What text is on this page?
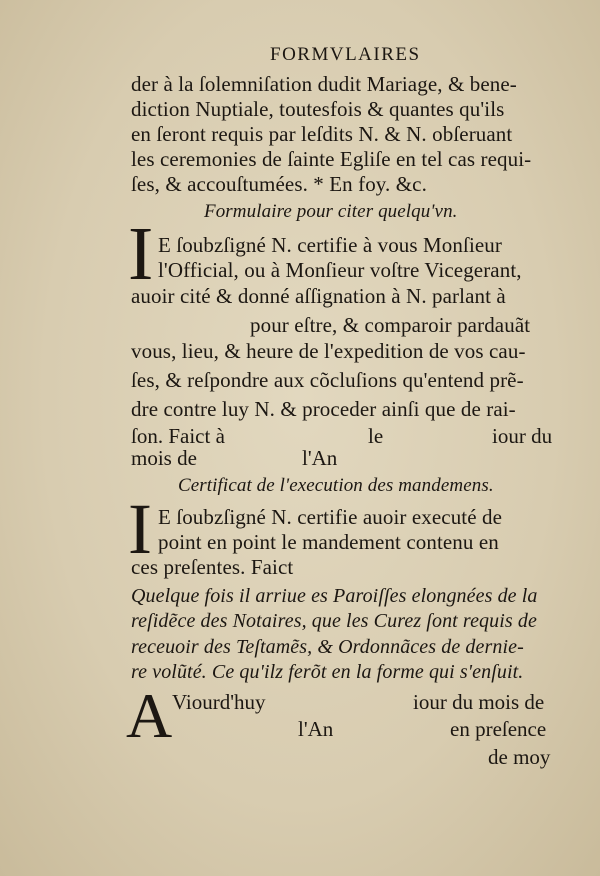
FORMVLAIRES
der à la ſolemniſation dudit Mariage, & bene-
diction Nuptiale, toutesfois & quantes qu'ils
en ſeront requis par leſdits N. & N. obſeruant
les ceremonies de ſainte Egliſe en tel cas requi-
ſes, & accouſtumées. * En foy. &c.
Formulaire pour citer quelqu'vn.
I E ſoubzſigné N. certifie à vous Monſieur
l'Official, ou à Monſieur voſtre Vicegerant,
auoir cité & donné aſſignation à N. parlant à
pour eſtre, & comparoir pardauãt
vous, lieu, & heure de l'expedition de vos cau-
ſes, & reſpondre aux cõcluſions qu'entend prẽ-
dre contre luy N. & proceder ainſi que de rai-
ſon. Faict à	le	iour du
mois de	l'An
Certificat de l'execution des mandemens.
I E ſoubzſigné N. certifie auoir executé de
point en point le mandement contenu en
ces preſentes. Faict
Quelque fois il arriue es Paroiſſes elongnées de la
reſidẽce des Notaires, que les Curez ſont requis de
receuoir des Teſtamẽs, & Ordonnãces de dernie-
re volũté. Ce qu'ilz ferõt en la forme qui s'enſuit.
A Viourd'huy	iour du mois de
l'An	en preſence
de moy
